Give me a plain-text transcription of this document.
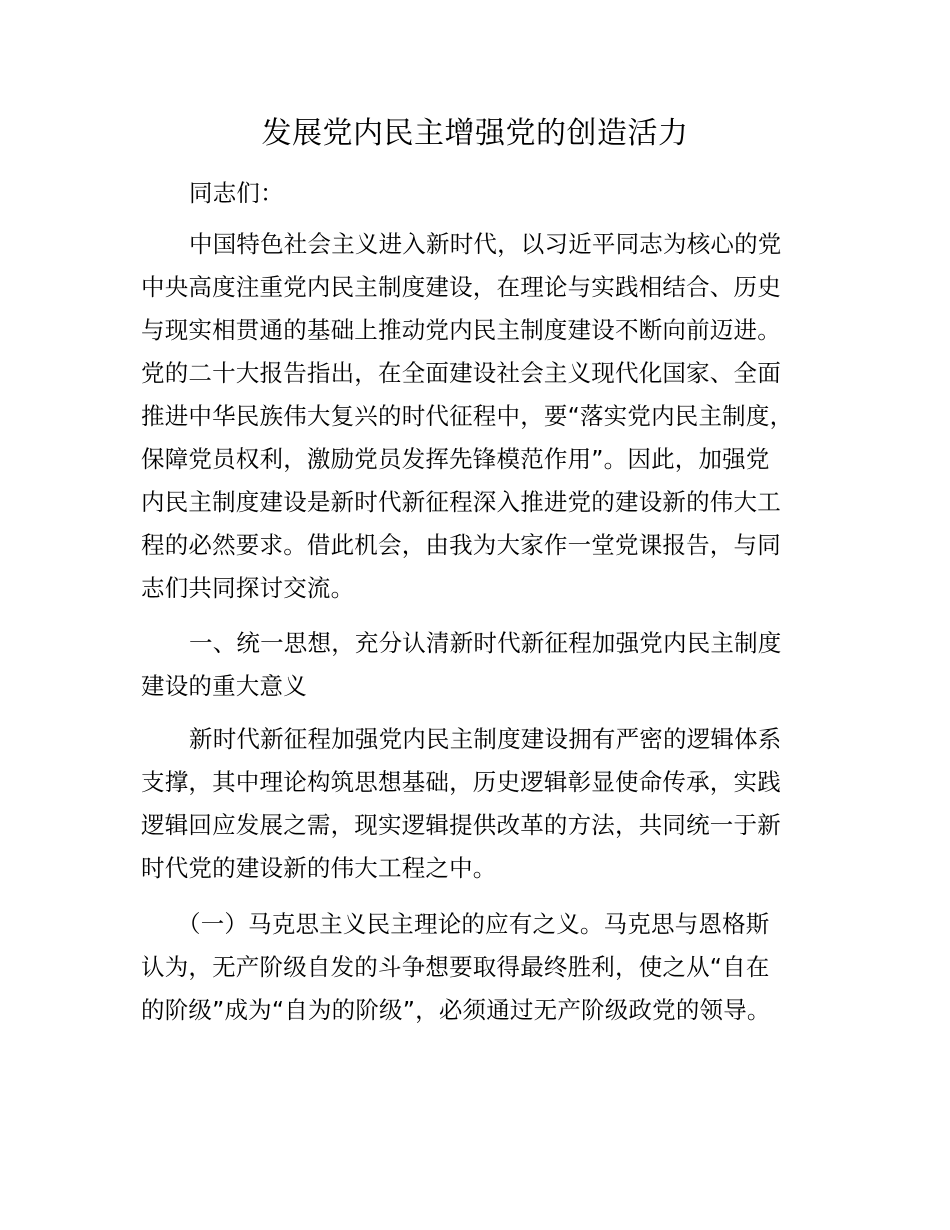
发展党内民主增强党的创造活力
同志们：
中国特色社会主义进入新时代，以习近平同志为核心的党
中央高度注重党内民主制度建设，在理论与实践相结合、历史
与现实相贯通的基础上推动党内民主制度建设不断向前迈进。
党的二十大报告指出，在全面建设社会主义现代化国家、全面
推进中华民族伟大复兴的时代征程中，要“落实党内民主制度，
保障党员权利，激励党员发挥先锋模范作用”。因此，加强党
内民主制度建设是新时代新征程深入推进党的建设新的伟大工
程的必然要求。借此机会，由我为大家作一堂党课报告，与同
志们共同探讨交流。
一、统一思想，充分认清新时代新征程加强党内民主制度
建设的重大意义
新时代新征程加强党内民主制度建设拥有严密的逻辑体系
支撑，其中理论构筑思想基础，历史逻辑彰显使命传承，实践
逻辑回应发展之需，现实逻辑提供改革的方法，共同统一于新
时代党的建设新的伟大工程之中。
（一）马克思主义民主理论的应有之义。马克思与恩格斯
认为，无产阶级自发的斗争想要取得最终胜利，使之从“自在
的阶级”成为“自为的阶级”，必须通过无产阶级政党的领导。
